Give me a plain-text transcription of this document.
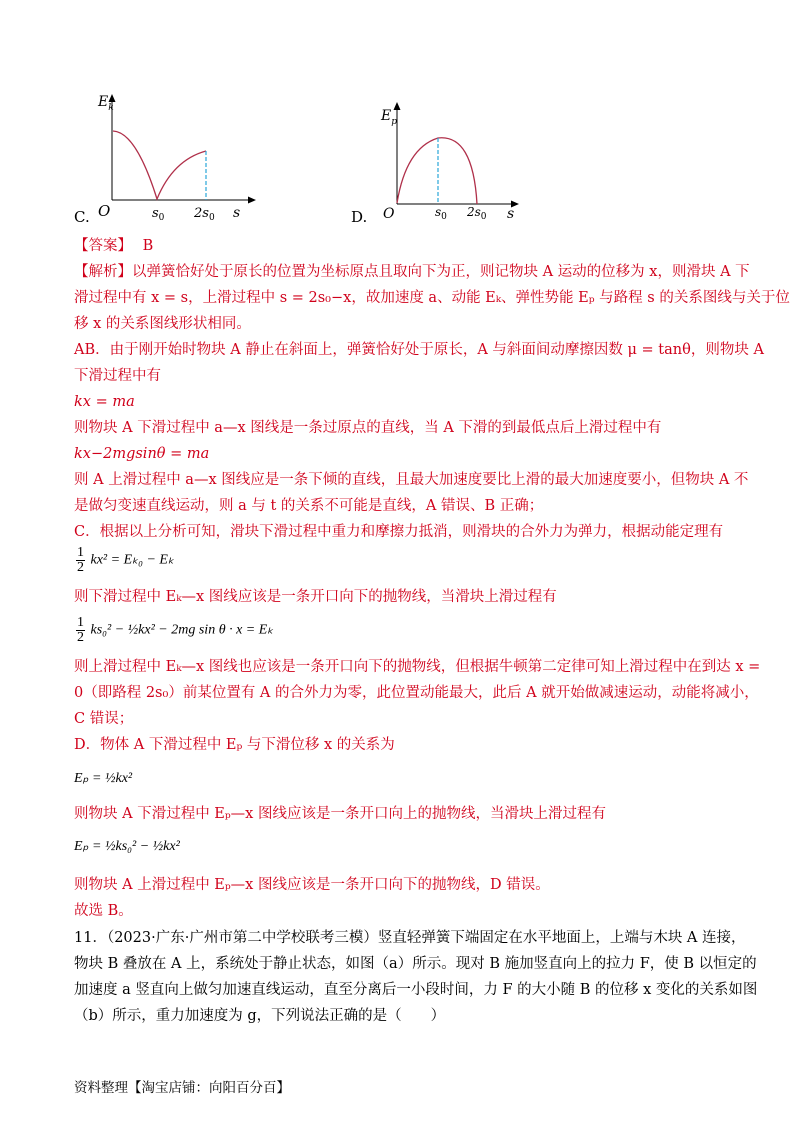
C.
$E_k$
O	$s_0$ $2s_0$ s	D.
$E_p$
O	$s_0$ $2s_0$ s
【答案】 B
【解析】以弹簧恰好处于原长的位置为坐标原点且取向下为正，则记物块 A 运动的位移为 x，则滑块 A 下
滑过程中有 x = s，上滑过程中 s = 2s₀−x，故加速度 a、动能 Eₖ、弹性势能 Eₚ 与路程 s 的关系图线与关于位
移 x 的关系图线形状相同。
AB．由于刚开始时物块 A 静止在斜面上，弹簧恰好处于原长，A 与斜面间动摩擦因数 μ = tanθ，则物块 A
下滑过程中有
kx = ma
则物块 A 下滑过程中 a—x 图线是一条过原点的直线，当 A 下滑的到最低点后上滑过程中有
kx−2mgsinθ = ma
则 A 上滑过程中 a—x 图线应是一条下倾的直线，且最大加速度要比上滑的最大加速度要小，但物块 A 不
是做匀变速直线运动，则 a 与 t 的关系不可能是直线，A 错误、B 正确；
C．根据以上分析可知，滑块下滑过程中重力和摩擦力抵消，则滑块的合外力为弹力，根据动能定理有
$\frac{1}{2} kx^2 = E_{k0} - E_k$
则下滑过程中 Eₖ—x 图线应该是一条开口向下的抛物线，当滑块上滑过程有
$\frac{1}{2} ks_0^2$ − ½kx² − 2mg sin θ · x = Eₖ
则上滑过程中 Eₖ—x 图线也应该是一条开口向下的抛物线，但根据牛顿第二定律可知上滑过程中在到达 x =
0（即路程 2s₀）前某位置有 A 的合外力为零，此位置动能最大，此后 A 就开始做减速运动，动能将减小，
C 错误；
D．物体 A 下滑过程中 Eₚ 与下滑位移 x 的关系为
Eₚ = ½kx²
则物块 A 下滑过程中 Eₚ—x 图线应该是一条开口向上的抛物线，当滑块上滑过程有
Eₚ = ½ks₀² − ½kx²
则物块 A 上滑过程中 Eₚ—x 图线应该是一条开口向下的抛物线，D 错误。
故选 B。
11．（2023·广东·广州市第二中学校联考三模）竖直轻弹簧下端固定在水平地面上，上端与木块 A 连接，
物块 B 叠放在 A 上，系统处于静止状态，如图（a）所示。现对 B 施加竖直向上的拉力 F，使 B 以恒定的
加速度 a 竖直向上做匀加速直线运动，直至分离后一小段时间，力 F 的大小随 B 的位移 x 变化的关系如图
（b）所示，重力加速度为 g，下列说法正确的是（　　）
资料整理【淘宝店铺：向阳百分百】
